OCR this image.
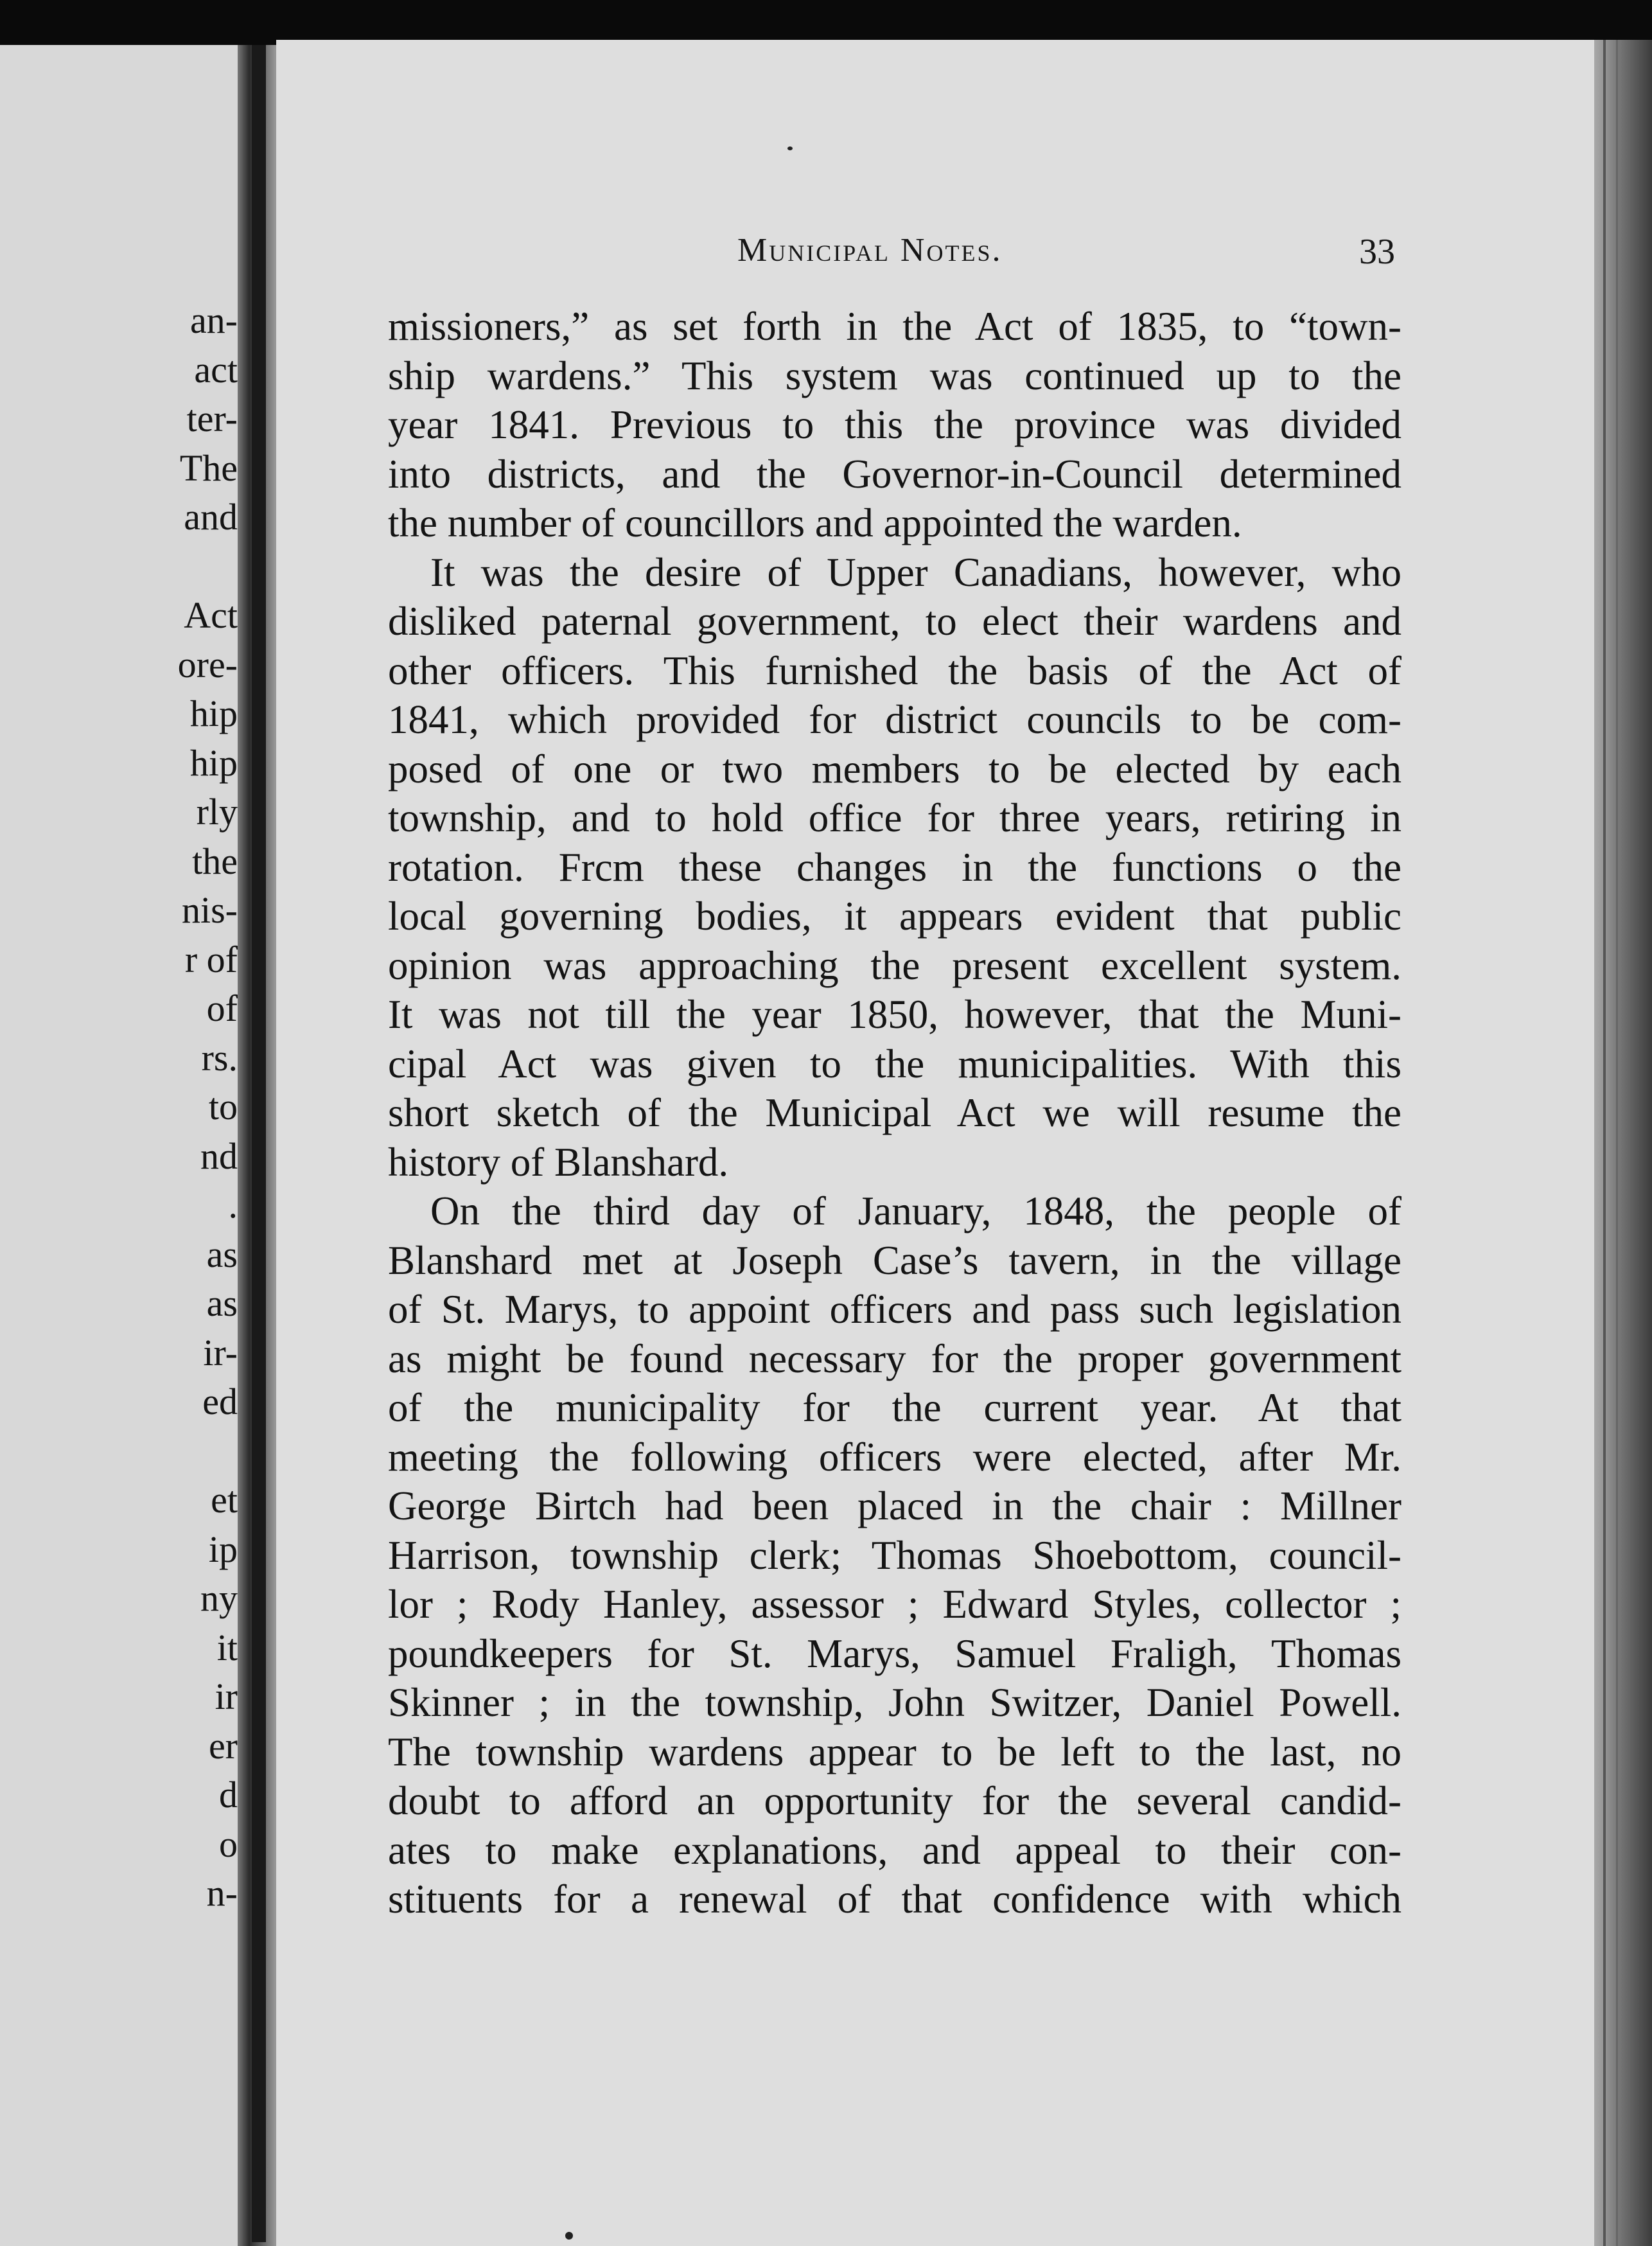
an-
act
ter-
The
and
Act
ore-
hip
hip
rly
the
nis-
r of
of
rs.
to
nd
.
as
as
ir-
ed
et
ip
ny
it
ir
er
d
o
n-
Municipal Notes.	33
missioners,” as set forth in the Act of 1835, to “town-
ship wardens.” This system was continued up to the
year 1841. Previous to this the province was divided
into districts, and the Governor-in-Council determined
the number of councillors and appointed the warden.
It was the desire of Upper Canadians, however, who
disliked paternal government, to elect their wardens and
other officers. This furnished the basis of the Act of
1841, which provided for district councils to be com-
posed of one or two members to be elected by each
township, and to hold office for three years, retiring in
rotation. Frcm these changes in the functions o the
local governing bodies, it appears evident that public
opinion was approaching the present excellent system.
It was not till the year 1850, however, that the Muni-
cipal Act was given to the municipalities. With this
short sketch of the Municipal Act we will resume the
history of Blanshard.
On the third day of January, 1848, the people of
Blanshard met at Joseph Case’s tavern, in the village
of St. Marys, to appoint officers and pass such legislation
as might be found necessary for the proper government
of the municipality for the current year. At that
meeting the following officers were elected, after Mr.
George Birtch had been placed in the chair : Millner
Harrison, township clerk; Thomas Shoebottom, council-
lor ; Rody Hanley, assessor ; Edward Styles, collector ;
poundkeepers for St. Marys, Samuel Fraligh, Thomas
Skinner ; in the township, John Switzer, Daniel Powell.
The township wardens appear to be left to the last, no
doubt to afford an opportunity for the several candid-
ates to make explanations, and appeal to their con-
stituents for a renewal of that confidence with which
